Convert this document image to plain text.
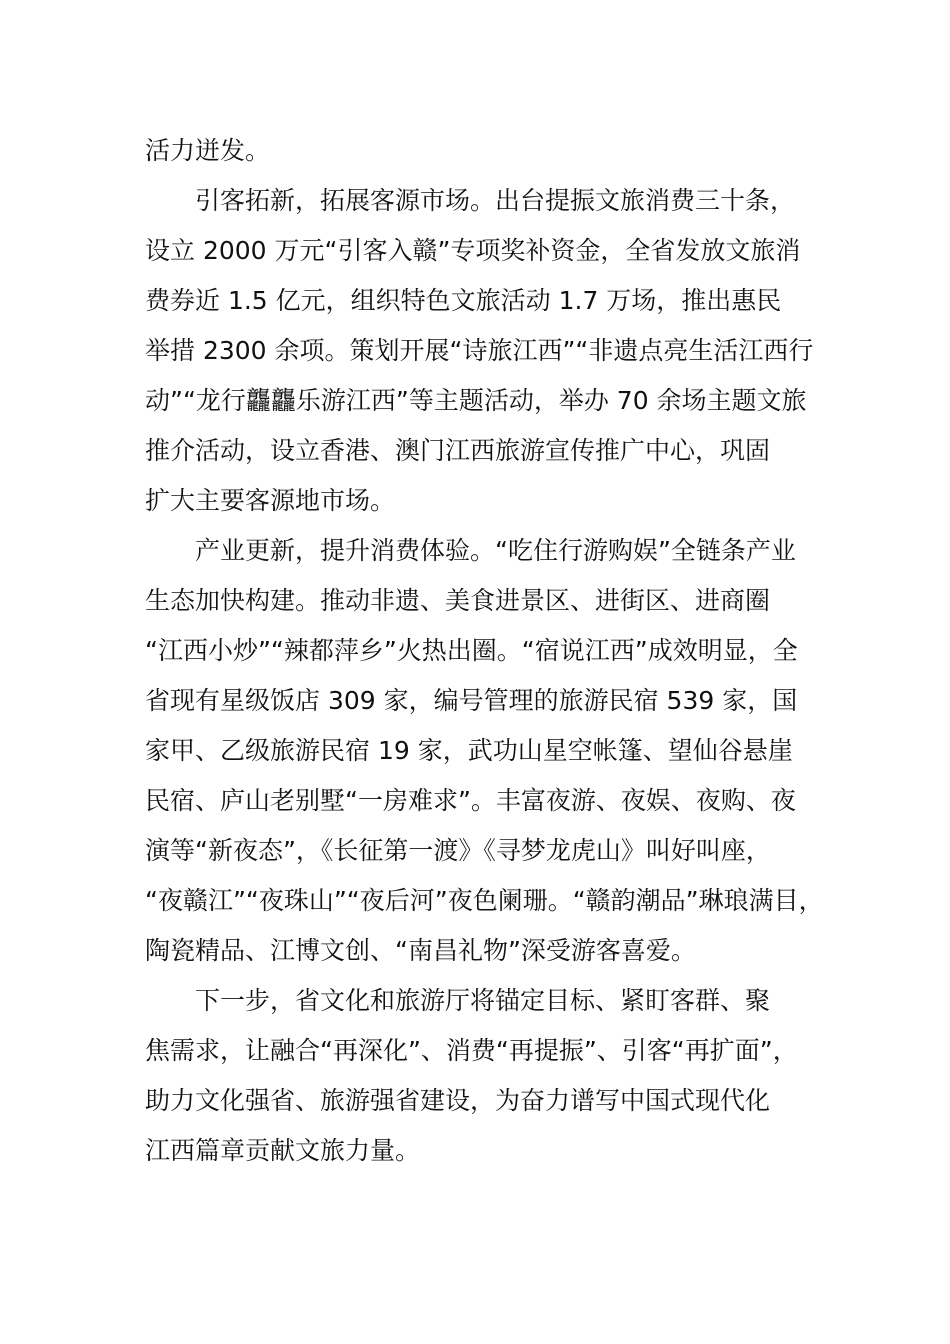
活力迸发。
引客拓新，拓展客源市场。出台提振文旅消费三十条，
设立 2000 万元“引客入赣”专项奖补资金，全省发放文旅消
费券近 1.5 亿元，组织特色文旅活动 1.7 万场，推出惠民
举措 2300 余项。策划开展“诗旅江西”“非遗点亮生活江西行
动”“龙行龘龘乐游江西”等主题活动，举办 70 余场主题文旅
推介活动，设立香港、澳门江西旅游宣传推广中心，巩固
扩大主要客源地市场。
产业更新，提升消费体验。“吃住行游购娱”全链条产业
生态加快构建。推动非遗、美食进景区、进街区、进商圈
“江西小炒”“辣都萍乡”火热出圈。“宿说江西”成效明显，全
省现有星级饭店 309 家，编号管理的旅游民宿 539 家，国
家甲、乙级旅游民宿 19 家，武功山星空帐篷、望仙谷悬崖
民宿、庐山老别墅“一房难求”。丰富夜游、夜娱、夜购、夜
演等“新夜态”，《长征第一渡》《寻梦龙虎山》叫好叫座，
“夜赣江”“夜珠山”“夜后河”夜色阑珊。“赣韵潮品”琳琅满目，
陶瓷精品、江博文创、“南昌礼物”深受游客喜爱。
下一步，省文化和旅游厅将锚定目标、紧盯客群、聚
焦需求，让融合“再深化”、消费“再提振”、引客“再扩面”，
助力文化强省、旅游强省建设，为奋力谱写中国式现代化
江西篇章贡献文旅力量。
